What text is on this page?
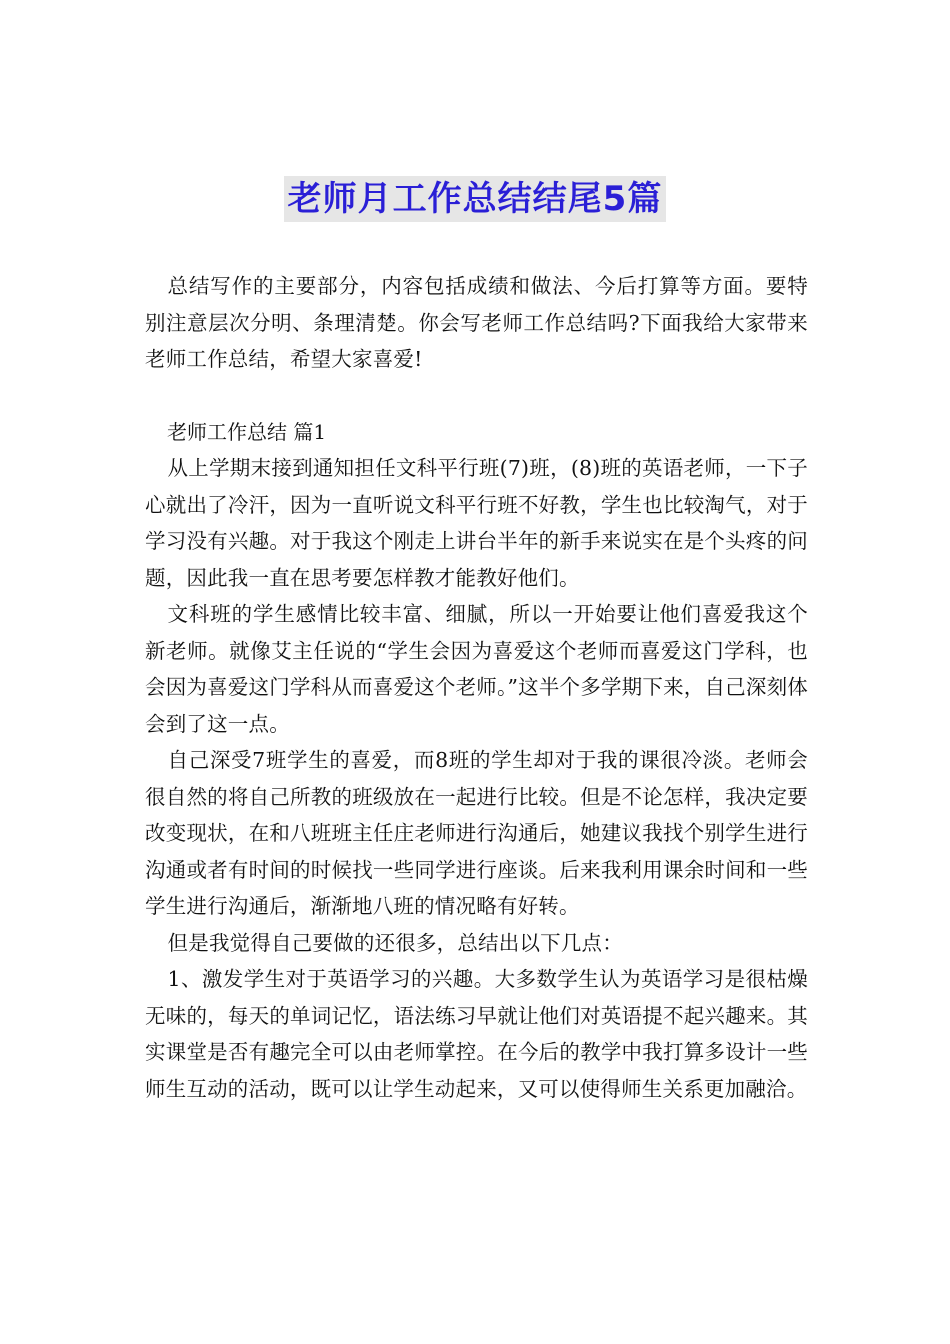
老师月工作总结结尾5篇

总结写作的主要部分，内容包括成绩和做法、今后打算等方面。要特别注意层次分明、条理清楚。你会写老师工作总结吗?下面我给大家带来老师工作总结，希望大家喜爱!

老师工作总结 篇1

从上学期末接到通知担任文科平行班(7)班，(8)班的英语老师，一下子心就出了冷汗，因为一直听说文科平行班不好教，学生也比较淘气，对于学习没有兴趣。对于我这个刚走上讲台半年的新手来说实在是个头疼的问题，因此我一直在思考要怎样教才能教好他们。

文科班的学生感情比较丰富、细腻，所以一开始要让他们喜爱我这个新老师。就像艾主任说的“学生会因为喜爱这个老师而喜爱这门学科，也会因为喜爱这门学科从而喜爱这个老师。”这半个多学期下来，自己深刻体会到了这一点。

自己深受7班学生的喜爱，而8班的学生却对于我的课很冷淡。老师会很自然的将自己所教的班级放在一起进行比较。但是不论怎样，我决定要改变现状，在和八班班主任庄老师进行沟通后，她建议我找个别学生进行沟通或者有时间的时候找一些同学进行座谈。后来我利用课余时间和一些学生进行沟通后，渐渐地八班的情况略有好转。

但是我觉得自己要做的还很多，总结出以下几点：

1、激发学生对于英语学习的兴趣。大多数学生认为英语学习是很枯燥无味的，每天的单词记忆，语法练习早就让他们对英语提不起兴趣来。其实课堂是否有趣完全可以由老师掌控。在今后的教学中我打算多设计一些师生互动的活动，既可以让学生动起来，又可以使得师生关系更加融洽。
